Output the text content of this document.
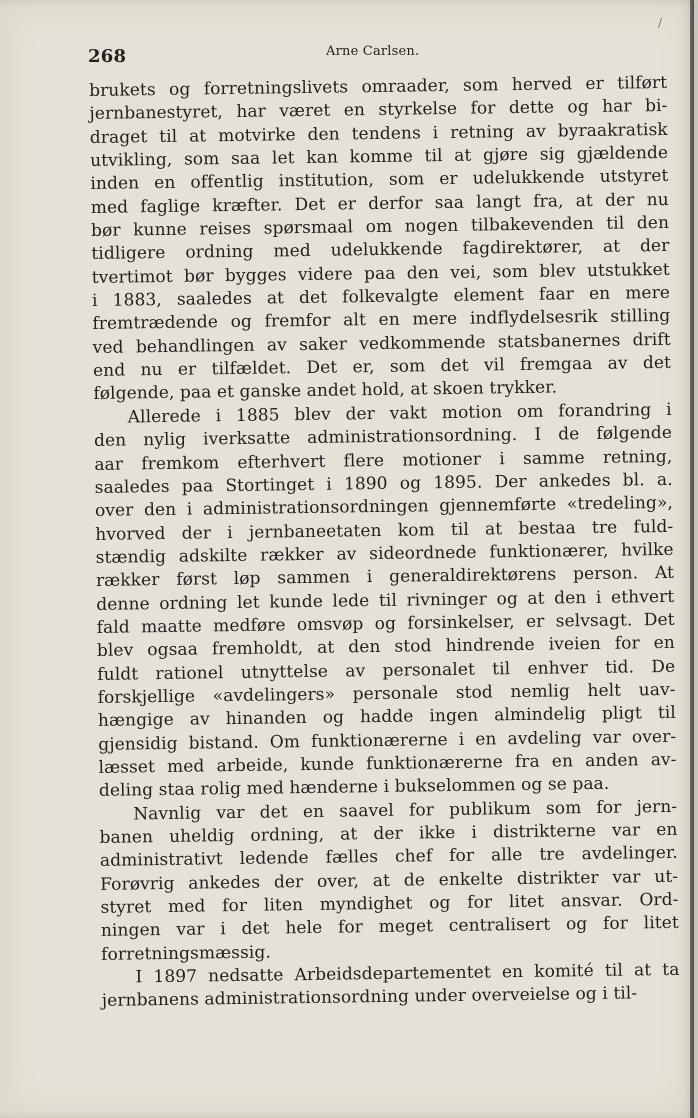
268	Arne Carlsen.
/
brukets og forretningslivets omraader, som herved er tilført
jernbanestyret, har været en styrkelse for dette og har bi-
draget til at motvirke den tendens i retning av byraakratisk
utvikling, som saa let kan komme til at gjøre sig gjældende
inden en offentlig institution, som er udelukkende utstyret
med faglige kræfter. Det er derfor saa langt fra, at der nu
bør kunne reises spørsmaal om nogen tilbakevenden til den
tidligere ordning med udelukkende fagdirektører, at der
tvertimot bør bygges videre paa den vei, som blev utstukket
i 1883, saaledes at det folkevalgte element faar en mere
fremtrædende og fremfor alt en mere indflydelsesrik stilling
ved behandlingen av saker vedkommende statsbanernes drift
end nu er tilfældet. Det er, som det vil fremgaa av det
følgende, paa et ganske andet hold, at skoen trykker.
Allerede i 1885 blev der vakt motion om forandring i
den nylig iverksatte administrationsordning. I de følgende
aar fremkom efterhvert flere motioner i samme retning,
saaledes paa Stortinget i 1890 og 1895. Der ankedes bl. a.
over den i administrationsordningen gjennemførte «tredeling»,
hvorved der i jernbaneetaten kom til at bestaa tre fuld-
stændig adskilte rækker av sideordnede funktionærer, hvilke
rækker først løp sammen i generaldirektørens person. At
denne ordning let kunde lede til rivninger og at den i ethvert
fald maatte medføre omsvøp og forsinkelser, er selvsagt. Det
blev ogsaa fremholdt, at den stod hindrende iveien for en
fuldt rationel utnyttelse av personalet til enhver tid. De
forskjellige «avdelingers» personale stod nemlig helt uav-
hængige av hinanden og hadde ingen almindelig pligt til
gjensidig bistand. Om funktionærerne i en avdeling var over-
læsset med arbeide, kunde funktionærerne fra en anden av-
deling staa rolig med hænderne i bukselommen og se paa.
Navnlig var det en saavel for publikum som for jern-
banen uheldig ordning, at der ikke i distrikterne var en
administrativt ledende fælles chef for alle tre avdelinger.
Forøvrig ankedes der over, at de enkelte distrikter var ut-
styret med for liten myndighet og for litet ansvar. Ord-
ningen var i det hele for meget centralisert og for litet
forretningsmæssig.
I 1897 nedsatte Arbeidsdepartementet en komité til at ta
jernbanens administrationsordning under overveielse og i til-
